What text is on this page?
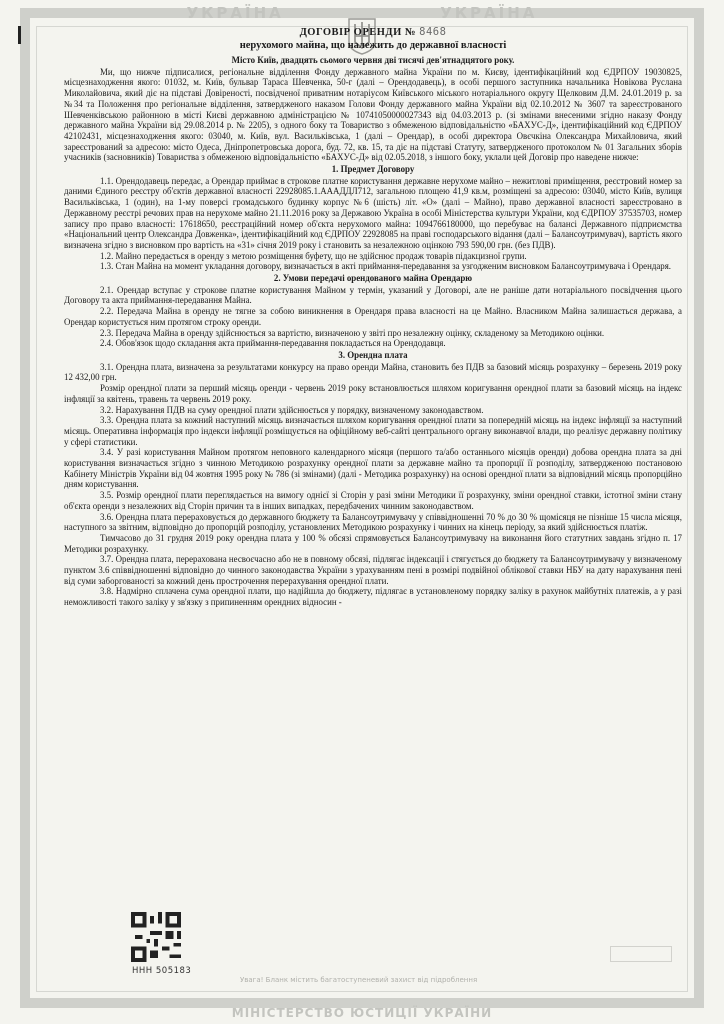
УКРАЇНА	УКРАЇНА

ДОГОВІР ОРЕНДИ № 8468

нерухомого майна, що належить до державної власності

Місто Київ, двадцять сьомого червня дві тисячі дев'ятнадцятого року.

Ми, що нижче підписалися, регіональне відділення Фонду державного майна України по м. Києву, ідентифікаційний код ЄДРПОУ 19030825, місцезнаходження якого: 01032, м. Київ, бульвар Тараса Шевченка, 50-г (далі – Орендодавець), в особі першого заступника начальника Новікова Руслана Миколайовича, який діє на підставі Довіреності, посвідченої приватним нотаріусом Київського міського нотаріального округу Щелковим Д.М. 24.01.2019 р. за №34 та Положення про регіональне відділення, затвердженого наказом Голови Фонду державного майна України від 02.10.2012 № 3607 та зареєстрованого Шевченківською районною в місті Києві державною адміністрацією № 10741050000027343 від 04.03.2013 р. (зі змінами внесеними згідно наказу Фонду державного майна України від 29.08.2014 р. № 2205), з одного боку та Товариство з обмеженою відповідальністю «БАХУС-Д», ідентифікаційний код ЄДРПОУ 42102431, місцезнаходження якого: 03040, м. Київ, вул. Васильківська, 1 (далі – Орендар), в особі директора Овєчкіна Олександра Михайловича, який зареєстрований за адресою: місто Одеса, Дніпропетровська дорога, буд. 72, кв. 15, та діє на підставі Статуту, затвердженого протоколом № 01 Загальних зборів учасників (засновників) Товариства з обмеженою відповідальністю «БАХУС-Д» від 02.05.2018, з іншого боку, уклали цей Договір про наведене нижче:

1. Предмет Договору

1.1. Орендодавець передає, а Орендар приймає в строкове платне користування державне нерухоме майно – нежитлові приміщення, реєстровий номер за даними Єдиного реєстру об'єктів державної власності 22928085.1.АААДДЛ712, загальною площею 41,9 кв.м, розміщені за адресою: 03040, місто Київ, вулиця Васильківська, 1 (один), на 1-му поверсі громадського будинку корпус №6 (шість) літ. «О» (далі – Майно), право державної власності зареєстровано в Державному реєстрі речових прав на нерухоме майно 21.11.2016 року за Державою Україна в особі Міністерства культури України, код ЄДРПОУ 37535703, номер запису про право власності: 17618650, реєстраційний номер об'єкта нерухомого майна: 1094766180000, що перебуває на балансі Державного підприємства «Національний центр Олександра Довженка», ідентифікаційний код ЄДРПОУ 22928085 на праві господарського відання (далі – Балансоутримувач), вартість якого визначена згідно з висновком про вартість на «31» січня 2019 року і становить за незалежною оцінкою 793 590,00 грн. (без ПДВ).

1.2. Майно передається в оренду з метою розміщення буфету, що не здійснює продаж товарів підакцизної групи.

1.3. Стан Майна на момент укладання договору, визначається в акті приймання-передавання за узгодженим висновком Балансоутримувача і Орендаря.

2. Умови передачі орендованого майна Орендарю

2.1. Орендар вступає у строкове платне користування Майном у термін, указаний у Договорі, але не раніше дати нотаріального посвідчення цього Договору та акта приймання-передавання Майна.

2.2. Передача Майна в оренду не тягне за собою виникнення в Орендаря права власності на це Майно. Власником Майна залишається держава, а Орендар користується ним протягом строку оренди.

2.3. Передача Майна в оренду здійснюється за вартістю, визначеною у звіті про незалежну оцінку, складеному за Методикою оцінки.

2.4. Обов'язок щодо складання акта приймання-передавання покладається на Орендодавця.

3. Орендна плата

3.1. Орендна плата, визначена за результатами конкурсу на право оренди Майна, становить без ПДВ за базовий місяць розрахунку – березень 2019 року 12 432,00 грн.

Розмір орендної плати за перший місяць оренди - червень 2019 року встановлюється шляхом коригування орендної плати за базовий місяць на індекс інфляції за квітень, травень та червень 2019 року.

3.2. Нарахування ПДВ на суму орендної плати здійснюється у порядку, визначеному законодавством.

3.3. Орендна плата за кожний наступний місяць визначається шляхом коригування орендної плати за попередній місяць на індекс інфляції за наступний місяць. Оперативна інформація про індекси інфляції розміщується на офіційному веб-сайті центрального органу виконавчої влади, що реалізує державну політику у сфері статистики.

3.4. У разі користування Майном протягом неповного календарного місяця (першого та/або останнього місяців оренди) добова орендна плата за дні користування визначається згідно з чинною Методикою розрахунку орендної плати за державне майно та пропорції її розподілу, затвердженою постановою Кабінету Міністрів України від 04 жовтня 1995 року № 786 (зі змінами) (далі - Методика розрахунку) на основі орендної плати за відповідний місяць пропорційно дням користування.

3.5. Розмір орендної плати переглядається на вимогу однієї зі Сторін у разі зміни Методики її розрахунку, зміни орендної ставки, істотної зміни стану об'єкта оренди з незалежних від Сторін причин та в інших випадках, передбачених чинним законодавством.

3.6. Орендна плата перераховується до державного бюджету та Балансоутримувачу у співвідношенні 70 % до 30 % щомісяця не пізніше 15 числа місяця, наступного за звітним, відповідно до пропорцій розподілу, установлених Методикою розрахунку і чинних на кінець періоду, за який здійснюється платіж.

Тимчасово до 31 грудня 2019 року орендна плата у 100 % обсязі спрямовується Балансоутримувачу на виконання його статутних завдань згідно п. 17 Методики розрахунку.

3.7. Орендна плата, перерахована несвоєчасно або не в повному обсязі, підлягає індексації і стягується до бюджету та Балансоутримувачу у визначеному пунктом 3.6 співвідношенні відповідно до чинного законодавства України з урахуванням пені в розмірі подвійної облікової ставки НБУ на дату нарахування пені від суми заборгованості за кожний день прострочення перерахування орендної плати.

3.8. Надмірно сплачена сума орендної плати, що надійшла до бюджету, підлягає в установленому порядку заліку в рахунок майбутніх платежів, а у разі неможливості такого заліку у зв'язку з припиненням орендних відносин -

ННН 505183
Увага! Бланк містить багатоступеневий захист від підроблення
МІНІСТЕРСТВО ЮСТИЦІЇ УКРАЇНИ
